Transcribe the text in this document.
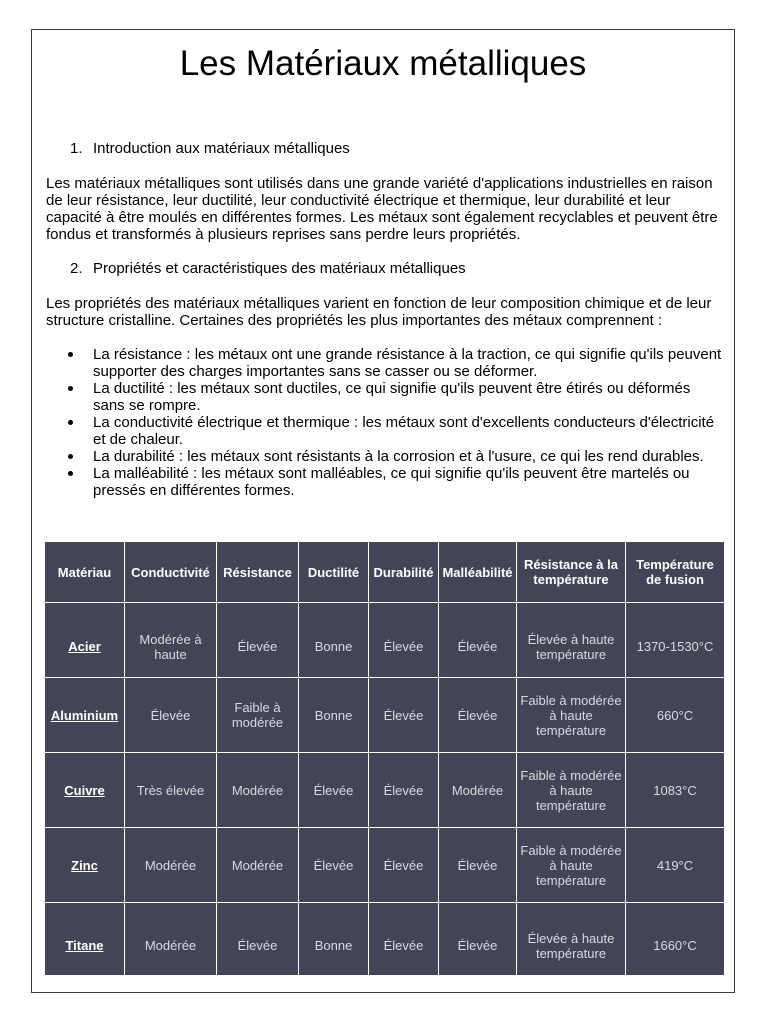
Les Matériaux métalliques

1. Introduction aux matériaux métalliques

Les matériaux métalliques sont utilisés dans une grande variété d'applications industrielles en raison de leur résistance, leur ductilité, leur conductivité électrique et thermique, leur durabilité et leur capacité à être moulés en différentes formes. Les métaux sont également recyclables et peuvent être fondus et transformés à plusieurs reprises sans perdre leurs propriétés.

2. Propriétés et caractéristiques des matériaux métalliques

Les propriétés des matériaux métalliques varient en fonction de leur composition chimique et de leur structure cristalline. Certaines des propriétés les plus importantes des métaux comprennent :

La résistance : les métaux ont une grande résistance à la traction, ce qui signifie qu'ils peuvent supporter des charges importantes sans se casser ou se déformer.
La ductilité : les métaux sont ductiles, ce qui signifie qu'ils peuvent être étirés ou déformés sans se rompre.
La conductivité électrique et thermique : les métaux sont d'excellents conducteurs d'électricité et de chaleur.
La durabilité : les métaux sont résistants à la corrosion et à l'usure, ce qui les rend durables.
La malléabilité : les métaux sont malléables, ce qui signifie qu'ils peuvent être martelés ou pressés en différentes formes.
Matériau	Conductivité	Résistance	Ductilité	Durabilité	Malléabilité	Résistance à la température	Température de fusion
Acier	Modérée à haute	Élevée	Bonne	Élevée	Élevée	Élevée à haute température	1370-1530°C
Aluminium	Élevée	Faible à modérée	Bonne	Élevée	Élevée	Faible à modérée à haute température	660°C
Cuivre	Très élevée	Modérée	Élevée	Élevée	Modérée	Faible à modérée à haute température	1083°C
Zinc	Modérée	Modérée	Élevée	Élevée	Élevée	Faible à modérée à haute température	419°C
Titane	Modérée	Élevée	Bonne	Élevée	Élevée	Élevée à haute température	1660°C
